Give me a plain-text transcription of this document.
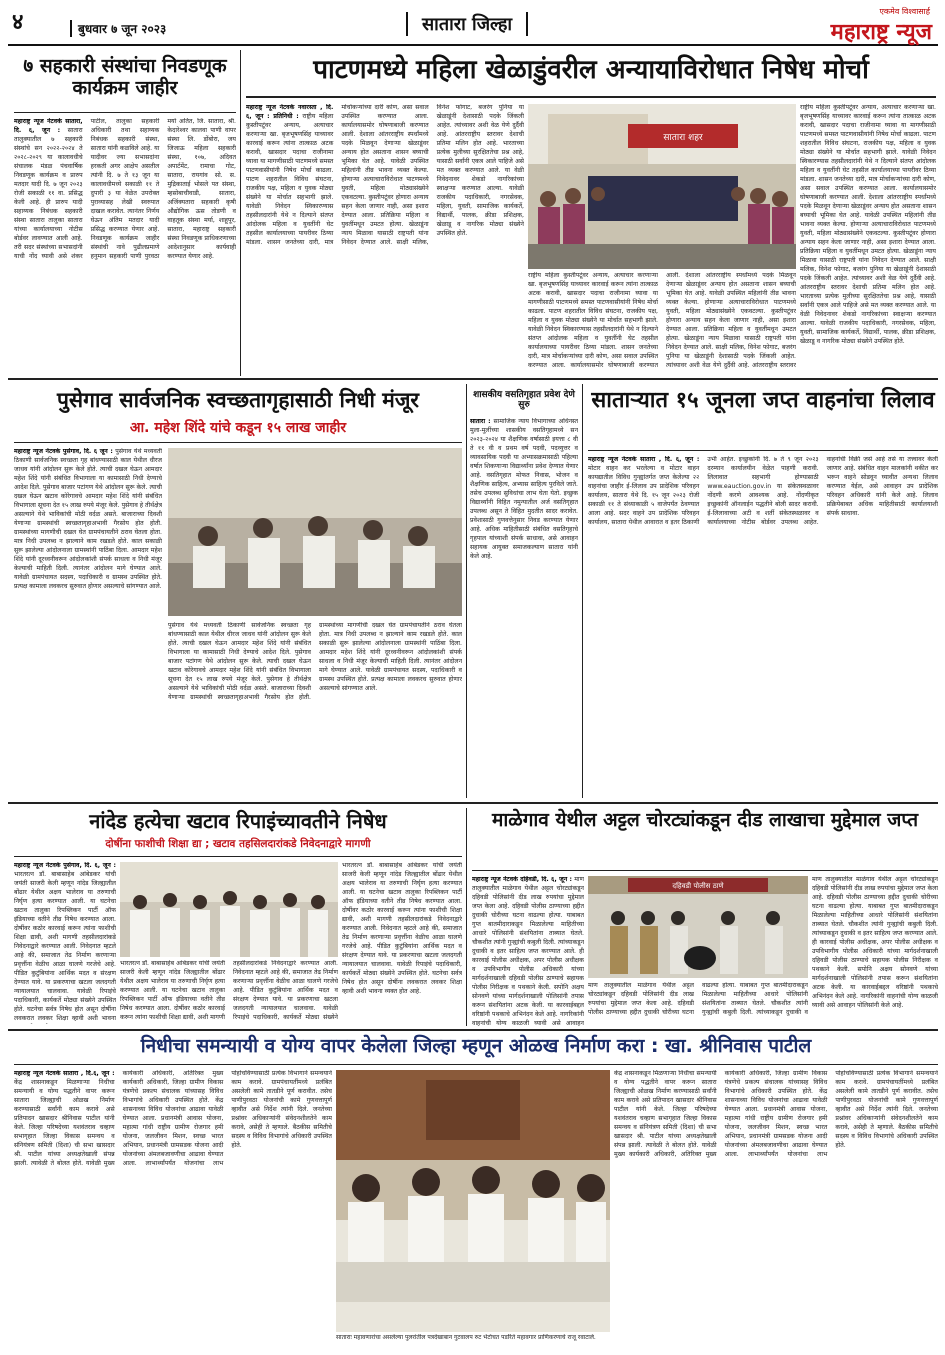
४	बुधवार ७ जून २०२३	सातारा जिल्हा
एकमेव विश्वासार्ह
महाराष्ट्र न्यूज
७ सहकारी संस्थांचा निवडणूक कार्यक्रम जाहीर
महाराष्ट्र न्यूज नेटवर्क सातारा, दि. ६, जून : सातारा तालुक्यातील ७ सहकारी संस्थांचे सन २०२२-२०२४ ते २०२८-२०२९ या कालावधीचे संचालक मंडळ पंचवार्षिक निवडणूक कार्यक्रम व प्रारुप मतदार यादी दि. ७ जून २०२३ रोजी सकाळी ११ वा. प्रसिद्ध केली आहे. ही प्रारुप यादी सहाय्यक निबंधक सहकारी संस्था सातारा तालुका सातारा यांच्या कार्यालयाच्या नोटीस बोर्डवर लावण्यात आली आहे. तरी सदर संस्थांच्या सभासदांनी याची नोंद घ्यावी असे शंकर पाटील, तालुका सहकारी अधिकारी तथा सहाय्यक निबंधक सहकारी संस्था, सातारा यांनी कळविले आहे. या यादीवर ज्या सभासदांना हरकती अगर आक्षेप असतील त्यांनी दि. ७ ते १३ जून या कालावधीमध्ये सकाळी ११ ते दुपारी ३ या वेळेत उपरोक्त पुराव्यासह लेखी स्वरुपात दाखल करावेत. त्यानंतर निर्णय घेऊन अंतिम मतदार यादी प्रसिद्ध करण्यात येणार आहे. निवडणूक कार्यक्रम जाहीर संस्थांची नावे पुढीलप्रमाणे हनुमान सहकारी पाणी पुरवठा मर्या अतित, जि. सातारा, श्री. केदारेश्वर कालवा पाणी वापर संस्था लि. डोंबोरा, जय जिजाऊ महिला सहकारी संस्था, १०७, अदिवत अपार्टमेंट, रामाचा गोट, सातारा, रायगांव सो. स. मुद्रिकाताई भोसले पत संस्था, म्हसोबाचीवाडी, सातारा, अजिंक्यतारा सहकारी कृषी औद्योगिक ऊस तोडणी व वाहतूक संस्था मर्या, शाहूपूर, सातारा, महाराष्ट्र सहकारी संस्था निवडणूक प्राधिकरणाच्या आदेशानुसार कार्यवाही करण्यात येणार आहे.
पाटणमध्ये महिला खेळाडुंवरील अन्यायाविरोधात निषेध मोर्चा
महाराष्ट्र न्यूज नेटवर्क नवारस्ता , दि. ६, जून : प्रतिनिधी : राष्ट्रीय महिला कुस्तीपटूंवर अन्याय, अत्याचार करणाऱ्या खा. बृजभूषणसिंह याच्यावर कारवाई करून त्यांना तात्काळ अटक करावी, खासदार पदाचा राजीनामा घ्यावा या मागणीसाठी पाटणमध्ये समस्त पाटणवासीयांनी निषेध मोर्चा काढला. पाटण शहरातील विविध संघटना, राजकीय पक्ष, महिला व युवक मोठ्या संख्येने या मोर्चात सहभागी झाले. यावेळी निवेदन स्विकारण्यास तहसीलदारांनी येथे न दिल्याने संतप्त आंदोलक महिला व युवतींनी घेट तहसील कार्यालयाच्या पायरीवर ठिय्या मांडला. शासन जनतेच्या दारी, मात्र मोर्चाकऱ्यांच्या दारी कोण, असा सवाल उपस्थित करण्यात आला. कार्यालयासमोर घोषणाबाजी करण्यात आली. देशाला आंतरराष्ट्रीय स्पर्धांमध्ये पदके मिळवून देणाऱ्या खेळाडूंवर अन्याय होत असताना शासन बघ्याची भूमिका घेत आहे. यावेळी उपस्थित महिलांनी तीव्र भावना व्यक्त केल्या. होणाऱ्या अत्याचाराविरोधात पाटणमध्ये युवती, महिला मोठ्यासंख्येने एकवटल्या. कुस्तीपटूंवर होणारा अन्याय सहन केला जाणार नाही, असा इशारा देण्यात आला. प्रतिक्रिया महिला व युवतींमधून उमटत होत्या. खेळाडूंना न्याय मिळावा यासाठी राष्ट्रपती यांना निवेदन देण्यात आले. साक्षी मलिक, विनेश फोगाट, बजरंग पुनिया या खेळाडूंनी देशासाठी पदके जिंकली आहेत. त्यांच्यावर अशी वेळ येणे दुर्दैवी आहे. आंतरराष्ट्रीय स्तरावर देशाची प्रतिमा मलिन होत आहे. भारताच्या प्रत्येक मुलीच्या सुरक्षिततेचा प्रश्न आहे, यासाठी सर्वांनी एकत्र आले पाहिजे असे मत व्यक्त करण्यात आले. या वेळी निवेदनावर शेकडो नागरिकांच्या स्वाक्षऱ्या करण्यात आल्या. यावेळी राजकीय पदाधिकारी, नगरसेवक, महिला, युवती, सामाजिक कार्यकर्ते, विद्यार्थी, पालक, क्रीडा प्रशिक्षक, खेळाडू व नागरिक मोठ्या संख्येने उपस्थित होते.
सातारा शहर
राष्ट्रीय महिला कुस्तीपटूंवर अन्याय, अत्याचार करणाऱ्या खा. बृजभूषणसिंह याच्यावर कारवाई करून त्यांना तात्काळ अटक करावी, खासदार पदाचा राजीनामा घ्यावा या मागणीसाठी पाटणमध्ये समस्त पाटणवासीयांनी निषेध मोर्चा काढला. पाटण शहरातील विविध संघटना, राजकीय पक्ष, महिला व युवक मोठ्या संख्येने या मोर्चात सहभागी झाले. यावेळी निवेदन स्विकारण्यास तहसीलदारांनी येथे न दिल्याने संतप्त आंदोलक महिला व युवतींनी घेट तहसील कार्यालयाच्या पायरीवर ठिय्या मांडला. शासन जनतेच्या दारी, मात्र मोर्चाकऱ्यांच्या दारी कोण, असा सवाल उपस्थित करण्यात आला. कार्यालयासमोर घोषणाबाजी करण्यात आली. देशाला आंतरराष्ट्रीय स्पर्धांमध्ये पदके मिळवून देणाऱ्या खेळाडूंवर अन्याय होत असताना शासन बघ्याची भूमिका घेत आहे. यावेळी उपस्थित महिलांनी तीव्र भावना व्यक्त केल्या. होणाऱ्या अत्याचाराविरोधात पाटणमध्ये युवती, महिला मोठ्यासंख्येने एकवटल्या. कुस्तीपटूंवर होणारा अन्याय सहन केला जाणार नाही, असा इशारा देण्यात आला. प्रतिक्रिया महिला व युवतींमधून उमटत होत्या. खेळाडूंना न्याय मिळावा यासाठी राष्ट्रपती यांना निवेदन देण्यात आले. साक्षी मलिक, विनेश फोगाट, बजरंग पुनिया या खेळाडूंनी देशासाठी पदके जिंकली आहेत. त्यांच्यावर अशी वेळ येणे दुर्दैवी आहे. आंतरराष्ट्रीय स्तरावर
राष्ट्रीय महिला कुस्तीपटूंवर अन्याय, अत्याचार करणाऱ्या खा. बृजभूषणसिंह याच्यावर कारवाई करून त्यांना तात्काळ अटक करावी, खासदार पदाचा राजीनामा घ्यावा या मागणीसाठी पाटणमध्ये समस्त पाटणवासीयांनी निषेध मोर्चा काढला. पाटण शहरातील विविध संघटना, राजकीय पक्ष, महिला व युवक मोठ्या संख्येने या मोर्चात सहभागी झाले. यावेळी निवेदन स्विकारण्यास तहसीलदारांनी येथे न दिल्याने संतप्त आंदोलक महिला व युवतींनी घेट तहसील कार्यालयाच्या पायरीवर ठिय्या मांडला. शासन जनतेच्या दारी, मात्र मोर्चाकऱ्यांच्या दारी कोण, असा सवाल उपस्थित करण्यात आला. कार्यालयासमोर घोषणाबाजी करण्यात आली. देशाला आंतरराष्ट्रीय स्पर्धांमध्ये पदके मिळवून देणाऱ्या खेळाडूंवर अन्याय होत असताना शासन बघ्याची भूमिका घेत आहे. यावेळी उपस्थित महिलांनी तीव्र भावना व्यक्त केल्या. होणाऱ्या अत्याचाराविरोधात पाटणमध्ये युवती, महिला मोठ्यासंख्येने एकवटल्या. कुस्तीपटूंवर होणारा अन्याय सहन केला जाणार नाही, असा इशारा देण्यात आला. प्रतिक्रिया महिला व युवतींमधून उमटत होत्या. खेळाडूंना न्याय मिळावा यासाठी राष्ट्रपती यांना निवेदन देण्यात आले. साक्षी मलिक, विनेश फोगाट, बजरंग पुनिया या खेळाडूंनी देशासाठी पदके जिंकली आहेत. त्यांच्यावर अशी वेळ येणे दुर्दैवी आहे. आंतरराष्ट्रीय स्तरावर देशाची प्रतिमा मलिन होत आहे. भारताच्या प्रत्येक मुलीच्या सुरक्षिततेचा प्रश्न आहे, यासाठी सर्वांनी एकत्र आले पाहिजे असे मत व्यक्त करण्यात आले. या वेळी निवेदनावर शेकडो नागरिकांच्या स्वाक्षऱ्या करण्यात आल्या. यावेळी राजकीय पदाधिकारी, नगरसेवक, महिला, युवती, सामाजिक कार्यकर्ते, विद्यार्थी, पालक, क्रीडा प्रशिक्षक, खेळाडू व नागरिक मोठ्या संख्येने उपस्थित होते.
पुसेगाव सार्वजनिक स्वच्छतागृहासाठी निधी मंजूर
आ. महेश शिंदे यांचे कडून १५ लाख जाहीर
महाराष्ट्र न्यूज नेटवर्क पुसेगाव, दि. ६ जून : पुसेगाव येथे मध्यवर्ती ठिकाणी सार्वजनिक स्वच्छता गृह बांधण्यासाठी काल येथील धीरज जाधव यांनी आंदोलन सुरू केले होते. त्याची दखल घेऊन आमदार महेश शिंदे यांनी संबंधित विभागाला या कामासाठी निधी देण्याचे आदेश दिले. पुसेगाव बाजार पटांगण येथे आंदोलन सुरू केले. त्याची दखल घेऊन खटाव कोरेगावचे आमदार महेश शिंदे यांनी संबंधित विभागाला सूचना देत १५ लाख रुपये मंजूर केले. पुसेगाव हे तीर्थक्षेत्र असल्याने येथे भाविकांची मोठी वर्दळ असते. बाजाराच्या दिवशी येणाऱ्या ग्रामस्थांची स्वच्छतागृहाअभावी गैरसोय होत होती. ग्रामस्थांच्या मागणीची दखल घेत ग्रामपंचायतीने ठराव घेतला होता. मात्र निधी उपलब्ध न झाल्याने काम रखडले होते. काल सकाळी सुरू झालेल्या आंदोलनाला ग्रामस्थांनी पाठिंबा दिला. आमदार महेश शिंदे यांनी दूरध्वनीवरून आंदोलकांशी संपर्क साधला व निधी मंजूर केल्याची माहिती दिली. त्यानंतर आंदोलन मागे घेण्यात आले. यावेळी ग्रामपंचायत सदस्य, पदाधिकारी व ग्रामस्थ उपस्थित होते. प्रत्यक्ष कामाला लवकरच सुरुवात होणार असल्याचे सांगण्यात आले.
पुसेगाव येथे मध्यवर्ती ठिकाणी सार्वजनिक स्वच्छता गृह बांधण्यासाठी काल येथील धीरज जाधव यांनी आंदोलन सुरू केले होते. त्याची दखल घेऊन आमदार महेश शिंदे यांनी संबंधित विभागाला या कामासाठी निधी देण्याचे आदेश दिले. पुसेगाव बाजार पटांगण येथे आंदोलन सुरू केले. त्याची दखल घेऊन खटाव कोरेगावचे आमदार महेश शिंदे यांनी संबंधित विभागाला सूचना देत १५ लाख रुपये मंजूर केले. पुसेगाव हे तीर्थक्षेत्र असल्याने येथे भाविकांची मोठी वर्दळ असते. बाजाराच्या दिवशी येणाऱ्या ग्रामस्थांची स्वच्छतागृहाअभावी गैरसोय होत होती. ग्रामस्थांच्या मागणीची दखल घेत ग्रामपंचायतीने ठराव घेतला होता. मात्र निधी उपलब्ध न झाल्याने काम रखडले होते. काल सकाळी सुरू झालेल्या आंदोलनाला ग्रामस्थांनी पाठिंबा दिला. आमदार महेश शिंदे यांनी दूरध्वनीवरून आंदोलकांशी संपर्क साधला व निधी मंजूर केल्याची माहिती दिली. त्यानंतर आंदोलन मागे घेण्यात आले. यावेळी ग्रामपंचायत सदस्य, पदाधिकारी व ग्रामस्थ उपस्थित होते. प्रत्यक्ष कामाला लवकरच सुरुवात होणार असल्याचे सांगण्यात आले.
शासकीय वसतिगृहात प्रवेश देणे सुरु
सातारा : सामाजिक न्याय विभागाच्या अधिनस्त मुला-मुलींच्या शासकीय वसतिगृहामध्ये सन २०२३-२०२४ या शैक्षणिक वर्षासाठी इयत्ता ८ वी ते ११ वी व प्रथम वर्ष पदवी, पदव्युत्तर व व्यावसायिक पदवी या अभ्यासक्रमासाठी पहिल्या वर्षात शिकणाऱ्या विद्यार्थ्यांना प्रवेश देण्यात येणार आहे. वसतिगृहात मोफत निवास, भोजन व शैक्षणिक साहित्य, अभ्यास साहित्य पुरविले जाते. तसेच उपलब्ध सुविधांचा लाभ घेता येतो. इच्छुक विद्यार्थ्यांनी विहित नमुन्यातील अर्ज वसतिगृहात उपलब्ध असून ते विहित मुदतीत सादर करावेत. प्रवेशासाठी गुणवत्तेनुसार निवड करण्यात येणार आहे. अधिक माहितीसाठी संबंधित वसतिगृहाचे गृहपाल यांच्याशी संपर्क साधावा, असे आवाहन सहायक आयुक्त समाजकल्याण सातारा यांनी केले आहे.
साताऱ्यात १५ जूनला जप्त वाहनांचा लिलाव
महाराष्ट्र न्यूज नेटवर्क सातारा , दि. ६, जून : मोटार वाहन कर भरलेल्या व मोटार वाहन कायद्यातील विविध गुन्ह्यांतर्गत जप्त केलेल्या २२ वाहनांचा जाहीर ई-लिलाव उप प्रादेशिक परिवहन कार्यालय, सातारा येथे दि. १५ जून २०२३ रोजी सकाळी ११ ते संध्याकाळी ५ वाजेपर्यंत ठेवण्यात आला आहे. सदर वाहने उप प्रादेशिक परिवहन कार्यालय, सातारा येथील आवारात व इतर ठिकाणी उभी आहेत. इच्छुकांनी दि. ७ ते ९ जून २०२३ दरम्यान कार्यालयीन वेळेत पाहणी करावी. लिलावात सहभागी होण्यासाठी www.eauction.gov.in या संकेतस्थळावर नोंदणी करणे आवश्यक आहे. नोंदणीकृत इच्छुकांनी ऑनलाईन पद्धतीने बोली सादर करावी. ई-लिलावाच्या अटी व शर्ती संकेतस्थळावर व कार्यालयाच्या नोटीस बोर्डवर उपलब्ध आहेत. वाहनांची विक्री जसे आहे तसे या तत्त्वावर केली जाणार आहे. संबंधित वाहन मालकांनी थकीत कर भरून वाहने सोडवून घ्यावीत अन्यथा लिलाव करण्यात येईल, असे आवाहन उप प्रादेशिक परिवहन अधिकारी यांनी केले आहे. लिलाव प्रक्रियेबाबत अधिक माहितीसाठी कार्यालयाशी संपर्क साधावा.
नांदेड हत्येचा खटाव रिपाइंच्यावतीने निषेध
दोषींना फाशीची शिक्षा द्या ; खटाव तहसिलदारांकडे निवेदनाद्वारे मागणी
महाराष्ट्र न्यूज नेटवर्क पुसेगाव, दि. ६, जून : भारतरत्न डॉ. बाबासाहेब आंबेडकर यांची जयंती साजरी केली म्हणून नांदेड जिल्ह्यातील बोंढार येथील अक्षय भालेराव या तरुणाची निर्घृण हत्या करण्यात आली. या घटनेचा खटाव तालुका रिपब्लिकन पार्टी ऑफ इंडियाच्या वतीने तीव्र निषेध करण्यात आला. दोषींवर कठोर कारवाई करून त्यांना फाशीची शिक्षा द्यावी, अशी मागणी तहसीलदारांकडे निवेदनाद्वारे करण्यात आली. निवेदनात म्हटले आहे की, समाजात तेढ निर्माण करणाऱ्या प्रवृत्तींना वेळीच आळा घालणे गरजेचे आहे. पीडित कुटुंबियांना आर्थिक मदत व संरक्षण देण्यात यावे. या प्रकरणाचा खटला जलदगती न्यायालयात चालवावा. यावेळी रिपाइंचे पदाधिकारी, कार्यकर्ते मोठ्या संख्येने उपस्थित होते. घटनेचा सर्वत्र निषेध होत असून दोषींना लवकरात लवकर शिक्षा व्हावी अशी भावना
भारतरत्न डॉ. बाबासाहेब आंबेडकर यांची जयंती साजरी केली म्हणून नांदेड जिल्ह्यातील बोंढार येथील अक्षय भालेराव या तरुणाची निर्घृण हत्या करण्यात आली. या घटनेचा खटाव तालुका रिपब्लिकन पार्टी ऑफ इंडियाच्या वतीने तीव्र निषेध करण्यात आला. दोषींवर कठोर कारवाई करून त्यांना फाशीची शिक्षा द्यावी, अशी मागणी तहसीलदारांकडे निवेदनाद्वारे करण्यात आली. निवेदनात म्हटले आहे की, समाजात तेढ निर्माण करणाऱ्या प्रवृत्तींना वेळीच आळा घालणे गरजेचे आहे. पीडित कुटुंबियांना आर्थिक मदत व संरक्षण देण्यात यावे. या प्रकरणाचा खटला जलदगती न्यायालयात चालवावा. यावेळी रिपाइंचे पदाधिकारी, कार्यकर्ते मोठ्या संख्येने उपस्थित होते. घटनेचा सर्वत्र निषेध होत असून दोषींना लवकरात लवकर शिक्षा व्हावी अशी भावना व्यक्त होत आहे.
भारतरत्न डॉ. बाबासाहेब आंबेडकर यांची जयंती साजरी केली म्हणून नांदेड जिल्ह्यातील बोंढार येथील अक्षय भालेराव या तरुणाची निर्घृण हत्या करण्यात आली. या घटनेचा खटाव तालुका रिपब्लिकन पार्टी ऑफ इंडियाच्या वतीने तीव्र निषेध करण्यात आला. दोषींवर कठोर कारवाई करून त्यांना फाशीची शिक्षा द्यावी, अशी मागणी तहसीलदारांकडे निवेदनाद्वारे करण्यात आली. निवेदनात म्हटले आहे की, समाजात तेढ निर्माण करणाऱ्या प्रवृत्तींना वेळीच आळा घालणे गरजेचे आहे. पीडित कुटुंबियांना आर्थिक मदत व संरक्षण देण्यात यावे. या प्रकरणाचा खटला जलदगती न्यायालयात चालवावा. यावेळी रिपाइंचे पदाधिकारी, कार्यकर्ते मोठ्या संख्येने
माळेगाव येथील अट्टल चोरट्यांकडून दीड लाखाचा मुद्देमाल जप्त
महाराष्ट्र न्यूज नेटवर्क दहिवडी, दि. ६, जून : माण तालुक्यातील माळेगाव येथील अट्टल चोरट्यांकडून दहिवडी पोलिसांनी दीड लाख रुपयांचा मुद्देमाल जप्त केला आहे. दहिवडी पोलीस ठाण्याच्या हद्दीत दुचाकी चोरीच्या घटना वाढल्या होत्या. याबाबत गुप्त बातमीदाराकडून मिळालेल्या माहितीच्या आधारे पोलिसांनी संशयितांना ताब्यात घेतले. चौकशीत त्यांनी गुन्ह्यांची कबुली दिली. त्यांच्याकडून दुचाकी व इतर साहित्य जप्त करण्यात आले. ही कारवाई पोलीस अधीक्षक, अपर पोलीस अधीक्षक व उपविभागीय पोलीस अधिकारी यांच्या मार्गदर्शनाखाली दहिवडी पोलीस ठाण्याचे सहायक पोलीस निरीक्षक व पथकाने केली. सपोनि अक्षय सोनवणे यांच्या मार्गदर्शनाखाली पोलिसांनी तपास करून संशयितांना अटक केली. या कारवाईबद्दल वरिष्ठांनी पथकाचे अभिनंदन केले आहे. नागरिकांनी वाहनांची योग्य काळजी घ्यावी असे आवाहन
दहिवडी पोलीस ठाणे
माण तालुक्यातील माळेगाव येथील अट्टल चोरट्यांकडून दहिवडी पोलिसांनी दीड लाख रुपयांचा मुद्देमाल जप्त केला आहे. दहिवडी पोलीस ठाण्याच्या हद्दीत दुचाकी चोरीच्या घटना वाढल्या होत्या. याबाबत गुप्त बातमीदाराकडून मिळालेल्या माहितीच्या आधारे पोलिसांनी संशयितांना ताब्यात घेतले. चौकशीत त्यांनी गुन्ह्यांची कबुली दिली. त्यांच्याकडून दुचाकी व
माण तालुक्यातील माळेगाव येथील अट्टल चोरट्यांकडून दहिवडी पोलिसांनी दीड लाख रुपयांचा मुद्देमाल जप्त केला आहे. दहिवडी पोलीस ठाण्याच्या हद्दीत दुचाकी चोरीच्या घटना वाढल्या होत्या. याबाबत गुप्त बातमीदाराकडून मिळालेल्या माहितीच्या आधारे पोलिसांनी संशयितांना ताब्यात घेतले. चौकशीत त्यांनी गुन्ह्यांची कबुली दिली. त्यांच्याकडून दुचाकी व इतर साहित्य जप्त करण्यात आले. ही कारवाई पोलीस अधीक्षक, अपर पोलीस अधीक्षक व उपविभागीय पोलीस अधिकारी यांच्या मार्गदर्शनाखाली दहिवडी पोलीस ठाण्याचे सहायक पोलीस निरीक्षक व पथकाने केली. सपोनि अक्षय सोनवणे यांच्या मार्गदर्शनाखाली पोलिसांनी तपास करून संशयितांना अटक केली. या कारवाईबद्दल वरिष्ठांनी पथकाचे अभिनंदन केले आहे. नागरिकांनी वाहनांची योग्य काळजी घ्यावी असे आवाहन पोलिसांनी केले आहे.
निधीचा समन्यायी व योग्य वापर केलेला जिल्हा म्हणून ओळख निर्माण करा : खा. श्रीनिवास पाटील
महाराष्ट्र न्यूज नेटवर्क सातारा , दि.६, जून : केंद्र शासनाकडून मिळणाऱ्या निधीचा समन्यायी व योग्य पद्धतीने वापर करून सातारा जिल्ह्याची ओळख निर्माण करण्यासाठी सर्वांनी काम करावे असे प्रतिपादन खासदार श्रीनिवास पाटील यांनी केले. जिल्हा परिषदेच्या यशवंतराव चव्हाण सभागृहात जिल्हा विकास समन्वय व संनियंत्रण समिती (दिशा) ची सभा खासदार श्री. पाटील यांच्या अध्यक्षतेखाली संपन्न झाली. त्यावेळी ते बोलत होते. यावेळी मुख्य कार्यकारी अधिकारी, अतिरिक्त मुख्य कार्यकारी अधिकारी, जिल्हा ग्रामीण विकास यंत्रणेचे प्रकल्प संचालक यांच्यासह विविध विभागांचे अधिकारी उपस्थित होते. केंद्र शासनाच्या विविध योजनांचा आढावा यावेळी घेण्यात आला. प्रधानमंत्री आवास योजना, महात्मा गांधी राष्ट्रीय ग्रामीण रोजगार हमी योजना, जलजीवन मिशन, स्वच्छ भारत अभियान, प्रधानमंत्री ग्रामसडक योजना आदी योजनांच्या अंमलबजावणीचा आढावा घेण्यात आला. लाभार्थ्यांपर्यंत योजनांचा लाभ पोहोचविण्यासाठी प्रत्येक विभागाने समन्वयाने काम करावे. ग्रामपंचायतींमध्ये प्रलंबित असलेली कामे तातडीने पूर्ण करावीत. तसेच पाणीपुरवठा योजनांची कामे गुणवत्तापूर्ण व्हावीत असे निर्देश त्यांनी दिले. जनतेच्या प्रश्नांवर अधिकाऱ्यांनी संवेदनशीलतेने काम करावे, असेही ते म्हणाले. बैठकीस समितीचे सदस्य व विविध विभागांचे अधिकारी उपस्थित होते.
साताराः महावणारांचा असलेल्या पुलरांतील पत्रदेखाबान गुटवालप रुट भेटोचत पडरिते महावगार प्राणिकरणाचे राजू रवाटाले.
केंद्र शासनाकडून मिळणाऱ्या निधीचा समन्यायी व योग्य पद्धतीने वापर करून सातारा जिल्ह्याची ओळख निर्माण करण्यासाठी सर्वांनी काम करावे असे प्रतिपादन खासदार श्रीनिवास पाटील यांनी केले. जिल्हा परिषदेच्या यशवंतराव चव्हाण सभागृहात जिल्हा विकास समन्वय व संनियंत्रण समिती (दिशा) ची सभा खासदार श्री. पाटील यांच्या अध्यक्षतेखाली संपन्न झाली. त्यावेळी ते बोलत होते. यावेळी मुख्य कार्यकारी अधिकारी, अतिरिक्त मुख्य कार्यकारी अधिकारी, जिल्हा ग्रामीण विकास यंत्रणेचे प्रकल्प संचालक यांच्यासह विविध विभागांचे अधिकारी उपस्थित होते. केंद्र शासनाच्या विविध योजनांचा आढावा यावेळी घेण्यात आला. प्रधानमंत्री आवास योजना, महात्मा गांधी राष्ट्रीय ग्रामीण रोजगार हमी योजना, जलजीवन मिशन, स्वच्छ भारत अभियान, प्रधानमंत्री ग्रामसडक योजना आदी योजनांच्या अंमलबजावणीचा आढावा घेण्यात आला. लाभार्थ्यांपर्यंत योजनांचा लाभ पोहोचविण्यासाठी प्रत्येक विभागाने समन्वयाने काम करावे. ग्रामपंचायतींमध्ये प्रलंबित असलेली कामे तातडीने पूर्ण करावीत. तसेच पाणीपुरवठा योजनांची कामे गुणवत्तापूर्ण व्हावीत असे निर्देश त्यांनी दिले. जनतेच्या प्रश्नांवर अधिकाऱ्यांनी संवेदनशीलतेने काम करावे, असेही ते म्हणाले. बैठकीस समितीचे सदस्य व विविध विभागांचे अधिकारी उपस्थित होते.
